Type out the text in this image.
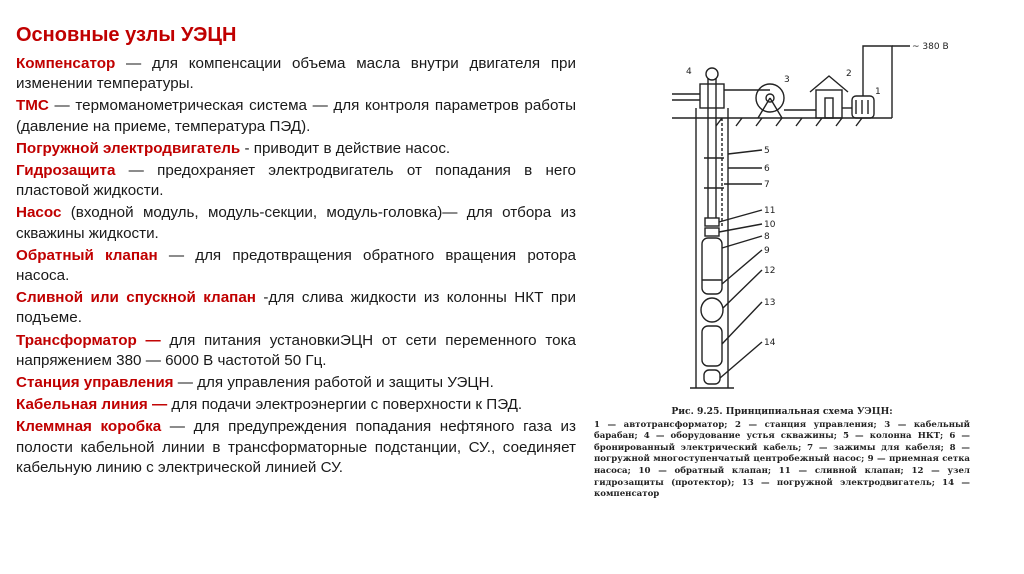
Основные узлы УЭЦН

Компенсатор — для компенсации объема масла внутри двигателя при изменении температуры.

ТМС — термоманометрическая система — для контроля параметров работы (давление на приеме, температура ПЭД).

Погружной электродвигатель - приводит в действие насос.

Гидрозащита — предохраняет электродвигатель от попадания в него пластовой жидкости.

Насос (входной модуль, модуль-секции, модуль-головка)— для отбора из скважины жидкости.

Обратный клапан — для предотвращения обратного вращения ротора насоса.

Сливной или спускной клапан -для слива жидкости из колонны НКТ при подъеме.

Трансформатор — для питания установкиЭЦН от сети переменного тока напряжением 380 — 6000 В частотой 50 Гц.

Станция управления — для управления работой и защиты УЭЦН.

Кабельная линия — для подачи электроэнергии с поверхности к ПЭД.

Клеммная коробка — для предупреждения попадания нефтяного газа из полости кабельной линии в трансформаторные подстанции, СУ., соединяет кабельную линию с электрической линией СУ.

~ 380 В
1
2
3
4
5
6
7
8
9
10
11
12
13
14
Рис. 9.25. Принципиальная схема УЭЦН:
1 — автотрансформатор; 2 — станция управления; 3 — кабельный барабан; 4 — оборудование устья скважины; 5 — колонна НКТ; 6 — бронированный электрический кабель; 7 — зажимы для кабеля; 8 — погружной многоступенчатый центробежный насос; 9 — приемная сетка насоса; 10 — обратный клапан; 11 — сливной клапан; 12 — узел гидрозащиты (протектор); 13 — погружной электродвигатель; 14 — компенсатор
